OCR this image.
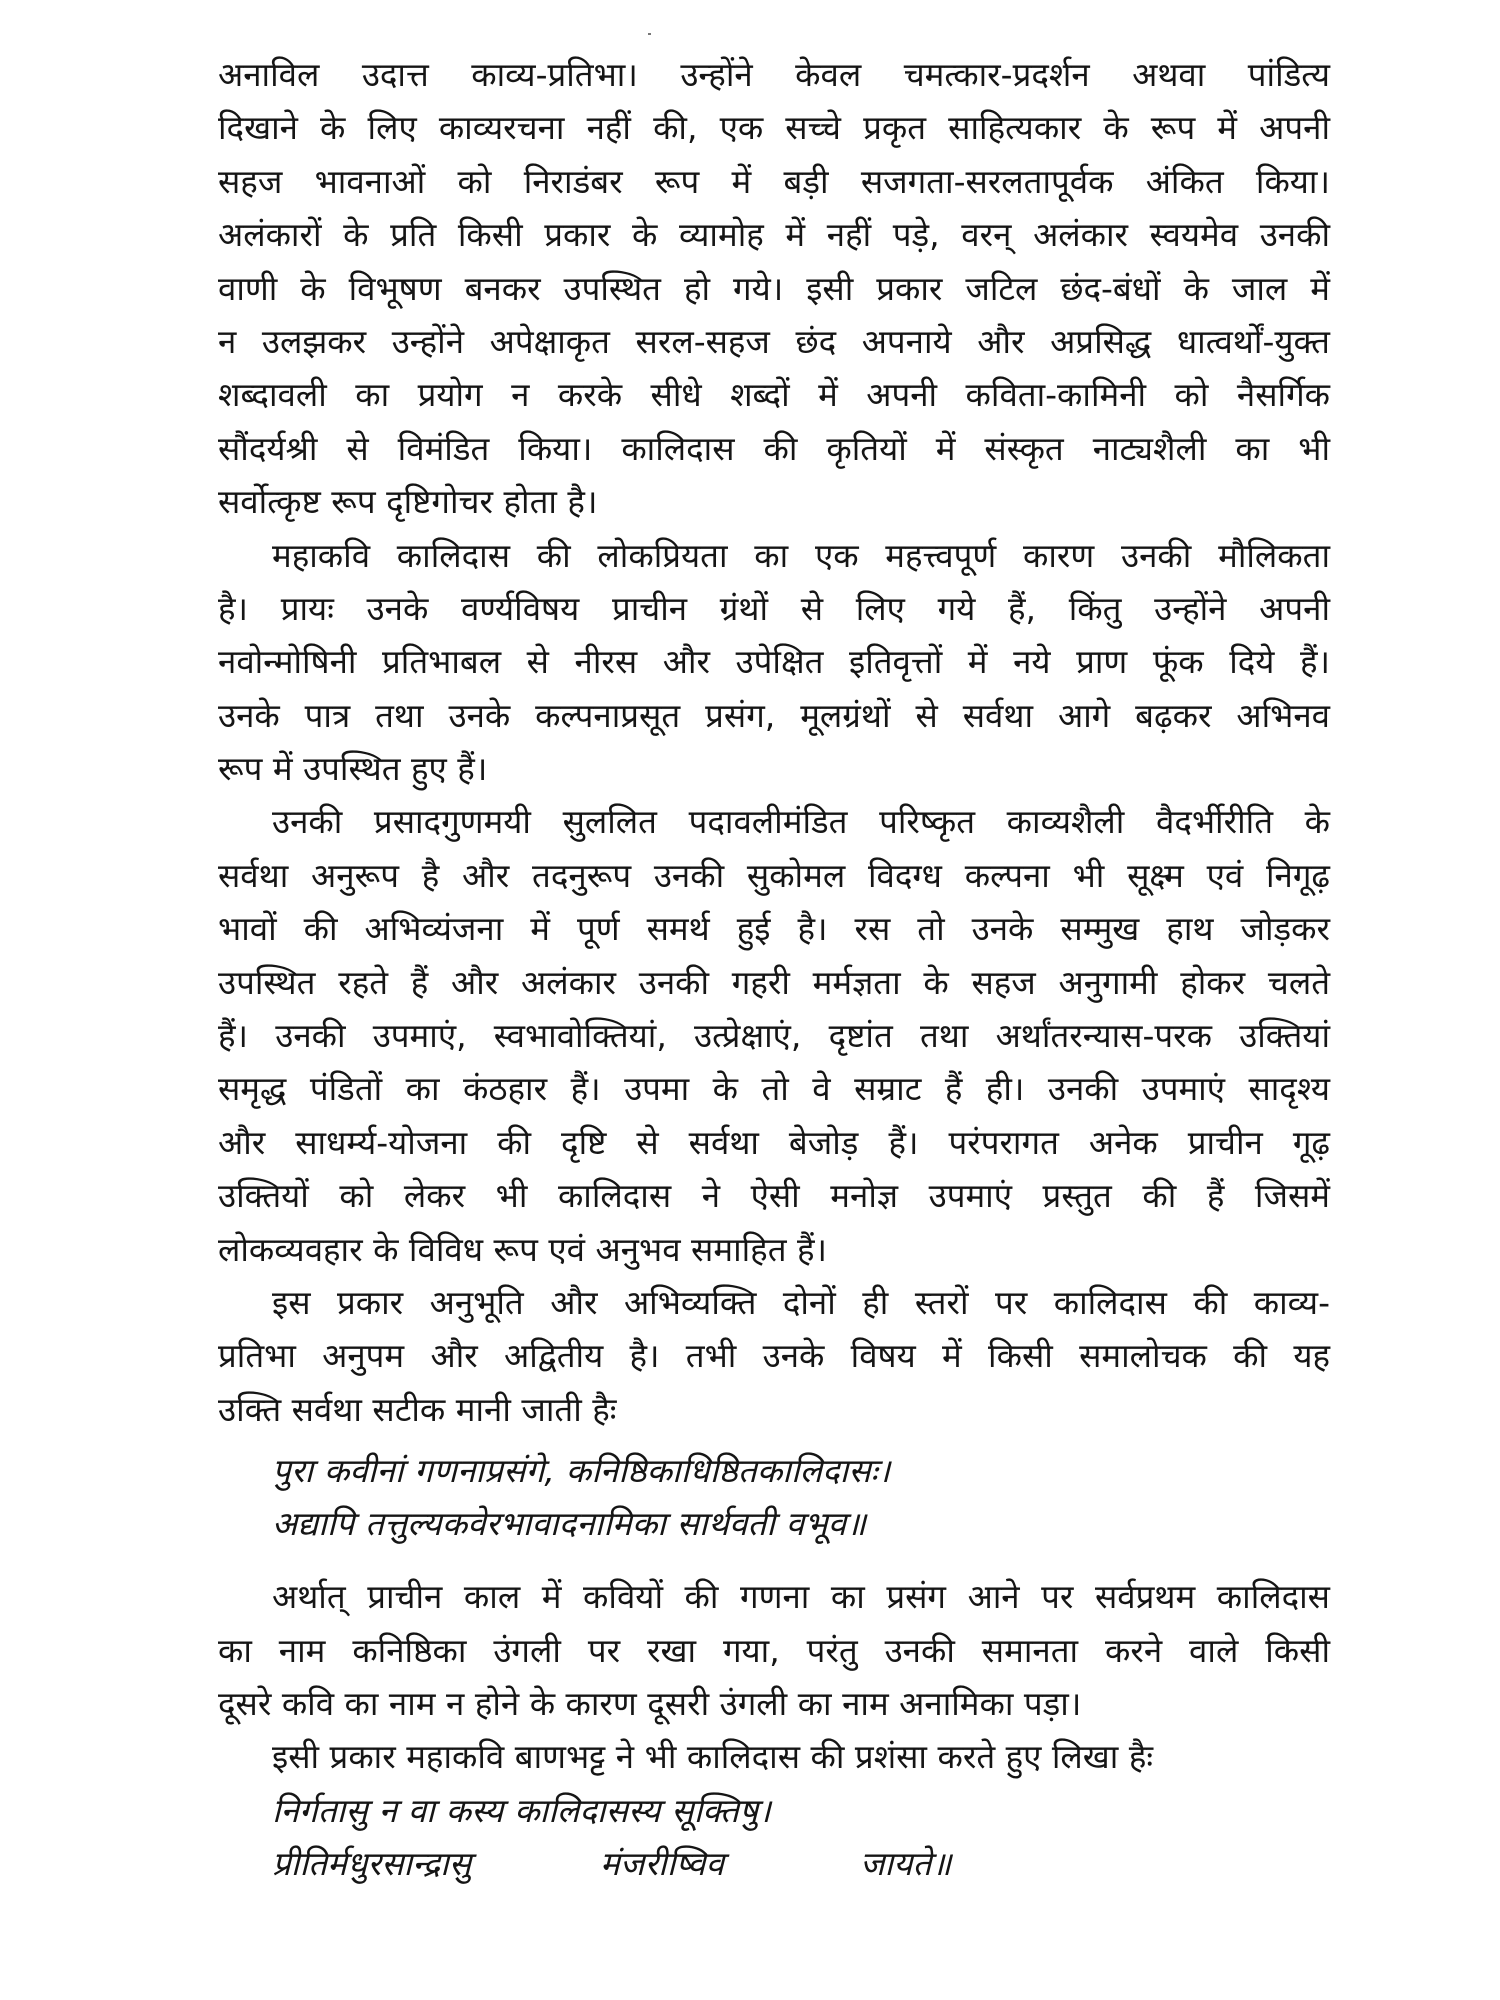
अनाविल उदात्त काव्य-प्रतिभा। उन्होंने केवल चमत्कार-प्रदर्शन अथवा पांडित्य
दिखाने के लिए काव्यरचना नहीं की, एक सच्चे प्रकृत साहित्यकार के रूप में अपनी
सहज भावनाओं को निराडंबर रूप में बड़ी सजगता-सरलतापूर्वक अंकित किया।
अलंकारों के प्रति किसी प्रकार के व्यामोह में नहीं पड़े, वरन् अलंकार स्वयमेव उनकी
वाणी के विभूषण बनकर उपस्थित हो गये। इसी प्रकार जटिल छंद-बंधों के जाल में
न उलझकर उन्होंने अपेक्षाकृत सरल-सहज छंद अपनाये और अप्रसिद्ध धात्वर्थों-युक्त
शब्दावली का प्रयोग न करके सीधे शब्दों में अपनी कविता-कामिनी को नैसर्गिक
सौंदर्यश्री से विमंडित किया। कालिदास की कृतियों में संस्कृत नाट्यशैली का भी
सर्वोत्कृष्ट रूप दृष्टिगोचर होता है।
महाकवि कालिदास की लोकप्रियता का एक महत्त्वपूर्ण कारण उनकी मौलिकता
है। प्रायः उनके वर्ण्यविषय प्राचीन ग्रंथों से लिए गये हैं, किंतु उन्होंने अपनी
नवोन्मोषिनी प्रतिभाबल से नीरस और उपेक्षित इतिवृत्तों में नये प्राण फूंक दिये हैं।
उनके पात्र तथा उनके कल्पनाप्रसूत प्रसंग, मूलग्रंथों से सर्वथा आगे बढ़कर अभिनव
रूप में उपस्थित हुए हैं।
उनकी प्रसादगुणमयी सुललित पदावलीमंडित परिष्कृत काव्यशैली वैदर्भीरीति के
सर्वथा अनुरूप है और तदनुरूप उनकी सुकोमल विदग्ध कल्पना भी सूक्ष्म एवं निगूढ़
भावों की अभिव्यंजना में पूर्ण समर्थ हुई है। रस तो उनके सम्मुख हाथ जोड़कर
उपस्थित रहते हैं और अलंकार उनकी गहरी मर्मज्ञता के सहज अनुगामी होकर चलते
हैं। उनकी उपमाएं, स्वभावोक्तियां, उत्प्रेक्षाएं, दृष्टांत तथा अर्थांतरन्यास-परक उक्तियां
समृद्ध पंडितों का कंठहार हैं। उपमा के तो वे सम्राट हैं ही। उनकी उपमाएं सादृश्य
और साधर्म्य-योजना की दृष्टि से सर्वथा बेजोड़ हैं। परंपरागत अनेक प्राचीन गूढ़
उक्तियों को लेकर भी कालिदास ने ऐसी मनोज्ञ उपमाएं प्रस्तुत की हैं जिसमें
लोकव्यवहार के विविध रूप एवं अनुभव समाहित हैं।
इस प्रकार अनुभूति और अभिव्यक्ति दोनों ही स्तरों पर कालिदास की काव्य-
प्रतिभा अनुपम और अद्वितीय है। तभी उनके विषय में किसी समालोचक की यह
उक्ति सर्वथा सटीक मानी जाती हैः
पुरा कवीनां गणनाप्रसंगे, कनिष्ठिकाधिष्ठितकालिदासः।
अद्यापि तत्तुल्यकवेरभावादनामिका सार्थवती वभूव॥
अर्थात् प्राचीन काल में कवियों की गणना का प्रसंग आने पर सर्वप्रथम कालिदास
का नाम कनिष्ठिका उंगली पर रखा गया, परंतु उनकी समानता करने वाले किसी
दूसरे कवि का नाम न होने के कारण दूसरी उंगली का नाम अनामिका पड़ा।
इसी प्रकार महाकवि बाणभट्ट ने भी कालिदास की प्रशंसा करते हुए लिखा हैः
निर्गतासु न वा कस्य कालिदासस्य सूक्तिषु।
प्रीतिर्मधुरसान्द्रासु	मंजरीष्विव	जायते॥
